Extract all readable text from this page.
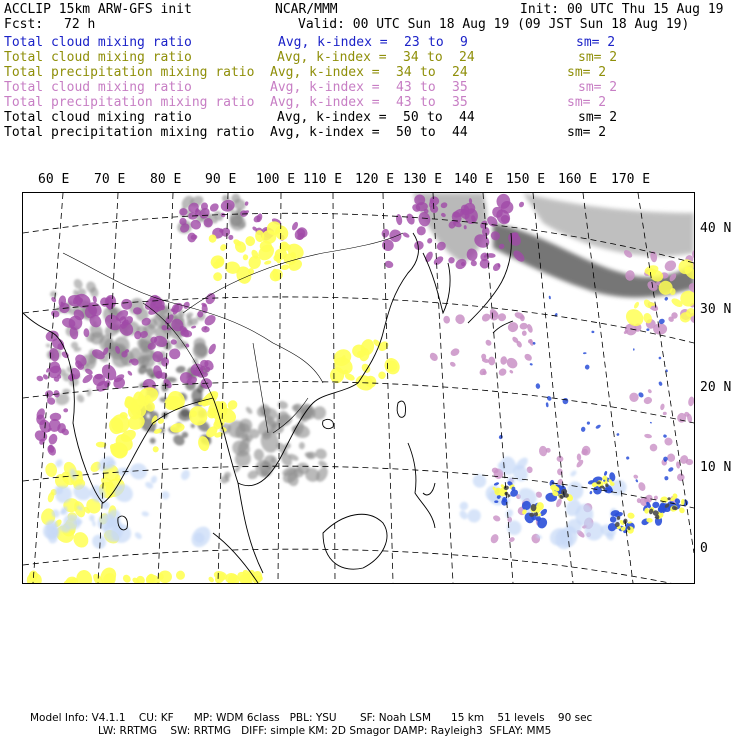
ACCLIP 15km ARW-GFS init	NCAR/MMM	Init: 00 UTC Thu 15 Aug 19
Fcst: 72 h	Valid: 00 UTC Sun 18 Aug 19 (09 JST Sun 18 Aug 19)
Total cloud mixing ratio	Avg, k-index = 23 to 9	sm= 2
Total cloud mixing ratio	Avg, k-index = 34 to 24	sm= 2
Total precipitation mixing ratio Avg, k-index = 34 to 24	sm= 2
Total cloud mixing ratio	Avg, k-index = 43 to 35	sm= 2
Total precipitation mixing ratio Avg, k-index = 43 to 35	sm= 2
Total cloud mixing ratio	Avg, k-index = 50 to 44	sm= 2
Total precipitation mixing ratio Avg, k-index = 50 to 44	sm= 2
60 E 70 E 80 E 90 E 100 E 110 E 120 E 130 E 140 E 150 E 160 E 170 E
40 N
30 N
20 N
10 N
0
Model Info: V4.1.1    CU: KF      MP: WDM 6class   PBL: YSU       SF: Noah LSM      15 km    51 levels    90 sec
LW: RRTMG    SW: RRTMG   DIFF: simple KM: 2D Smagor DAMP: Rayleigh3  SFLAY: MM5
